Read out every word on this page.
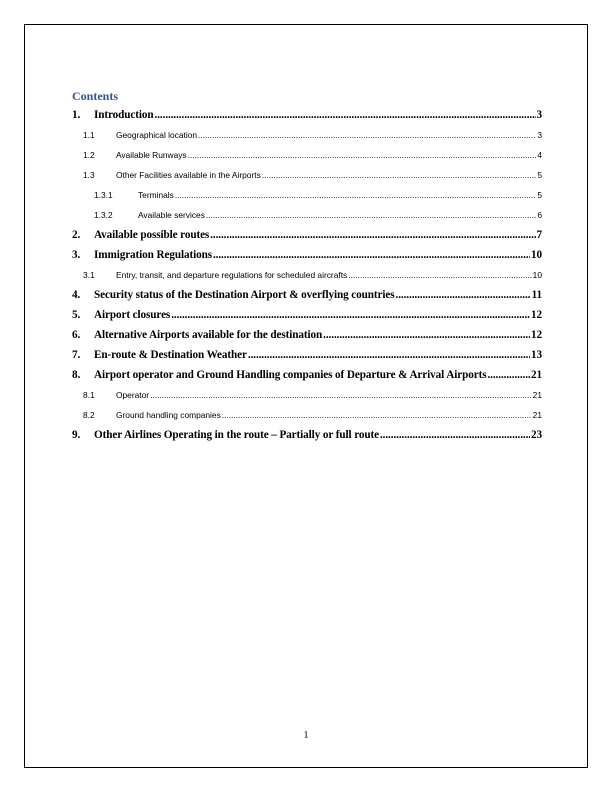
Contents
1.	Introduction .....	3
1.1	Geographical location .....	3
1.2	Available Runways .....	4
1.3	Other Facilities available in the Airports .....	5
1.3.1	Terminals .....	5
1.3.2	Available services .....	6
2.	Available possible routes .....	7
3.	Immigration Regulations .....	10
3.1	Entry, transit, and departure regulations for scheduled aircrafts .....	10
4.	Security status of the Destination Airport & overflying countries .....	11
5.	Airport closures .....	12
6.	Alternative Airports available for the destination .....	12
7.	En-route & Destination Weather .....	13
8.	Airport operator and Ground Handling companies of Departure & Arrival Airports .....	21
8.1	Operator .....	21
8.2	Ground handling companies .....	21
9.	Other Airlines Operating in the route – Partially or full route .....	23
1
